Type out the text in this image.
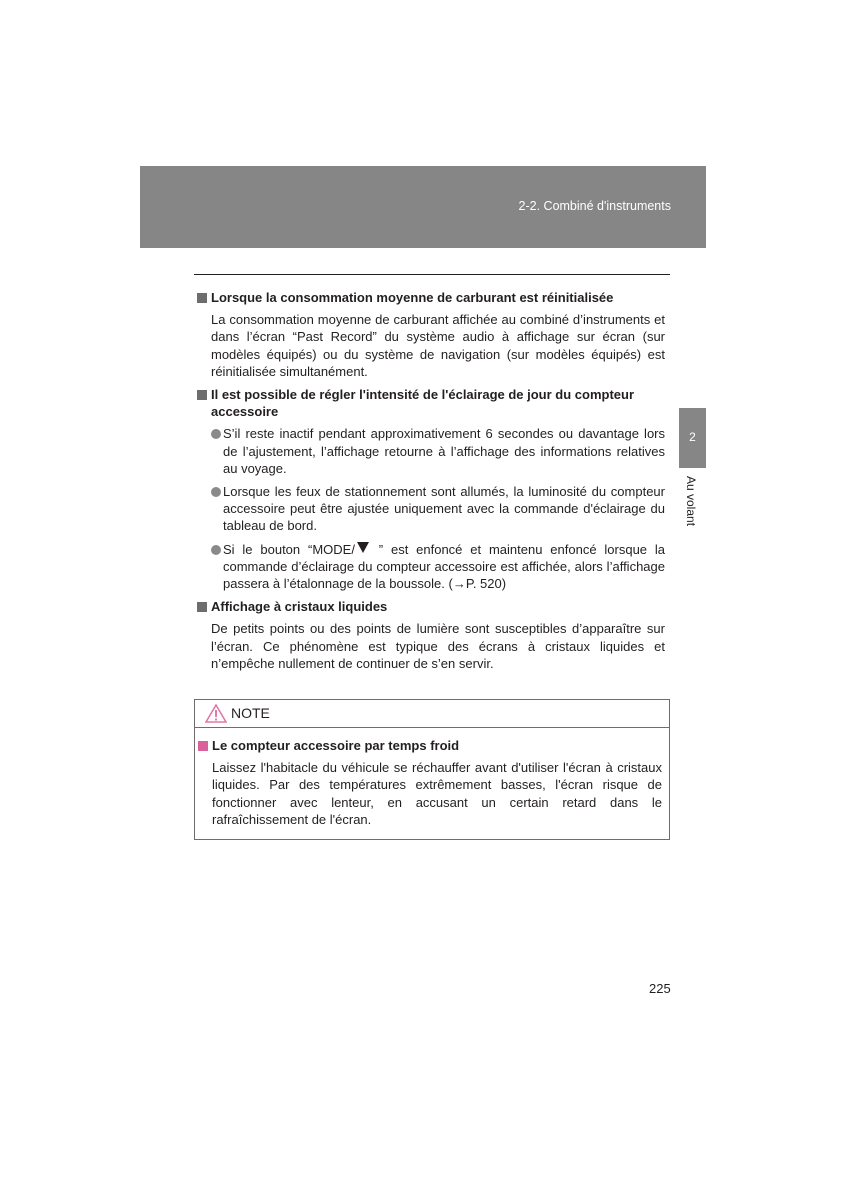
2-2. Combiné d'instruments
2
Au volant
Lorsque la consommation moyenne de carburant est réinitialisée
La consommation moyenne de carburant affichée au combiné d’instruments et dans l’écran “Past Record” du système audio à affichage sur écran (sur modèles équipés) ou du système de navigation (sur modèles équipés) est réinitialisée simultanément.
Il est possible de régler l'intensité de l'éclairage de jour du compteur accessoire
S’il reste inactif pendant approximativement 6 secondes ou davantage lors de l’ajustement, l’affichage retourne à l’affichage des informations relatives au voyage.
Lorsque les feux de stationnement sont allumés, la luminosité du compteur accessoire peut être ajustée uniquement avec la commande d'éclairage du tableau de bord.
Si le bouton “MODE/ ” est enfoncé et maintenu enfoncé lorsque la commande d’éclairage du compteur accessoire est affichée, alors l’affichage passera à l’étalonnage de la boussole. (→P. 520)
Affichage à cristaux liquides
De petits points ou des points de lumière sont susceptibles d’apparaître sur l’écran. Ce phénomène est typique des écrans à cristaux liquides et n’empêche nullement de continuer de s’en servir.
NOTE
Le compteur accessoire par temps froid
Laissez l'habitacle du véhicule se réchauffer avant d'utiliser l'écran à cristaux liquides. Par des températures extrêmement basses, l'écran risque de fonctionner avec lenteur, en accusant un certain retard dans le rafraîchissement de l'écran.
225
